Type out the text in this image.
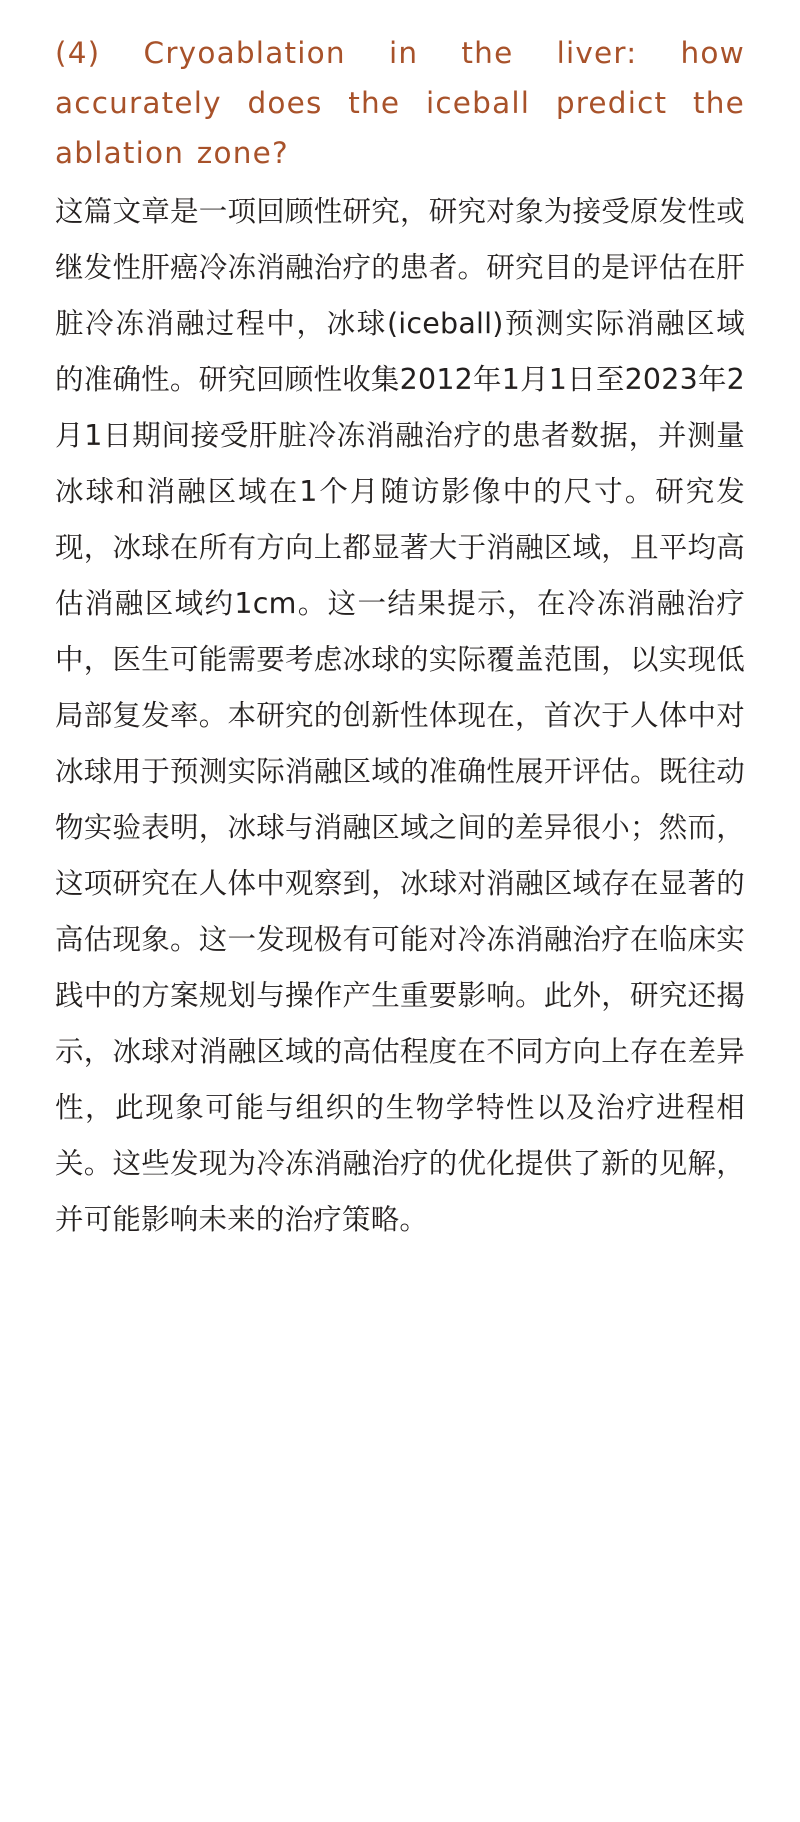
(4) Cryoablation in the liver: how accurately does the iceball predict the ablation zone?

这篇文章是一项回顾性研究，研究对象为接受原发性或继发性肝癌冷冻消融治疗的患者。研究目的是评估在肝脏冷冻消融过程中，冰球(iceball)预测实际消融区域的准确性。研究回顾性收集2012年1月1日至2023年2月1日期间接受肝脏冷冻消融治疗的患者数据，并测量冰球和消融区域在1个月随访影像中的尺寸。研究发现，冰球在所有方向上都显著大于消融区域，且平均高估消融区域约1cm。这一结果提示，在冷冻消融治疗中，医生可能需要考虑冰球的实际覆盖范围，以实现低局部复发率。本研究的创新性体现在，首次于人体中对冰球用于预测实际消融区域的准确性展开评估。既往动物实验表明，冰球与消融区域之间的差异很小；然而，这项研究在人体中观察到，冰球对消融区域存在显著的高估现象。这一发现极有可能对冷冻消融治疗在临床实践中的方案规划与操作产生重要影响。此外，研究还揭示，冰球对消融区域的高估程度在不同方向上存在差异性，此现象可能与组织的生物学特性以及治疗进程相关。这些发现为冷冻消融治疗的优化提供了新的见解，并可能影响未来的治疗策略。
